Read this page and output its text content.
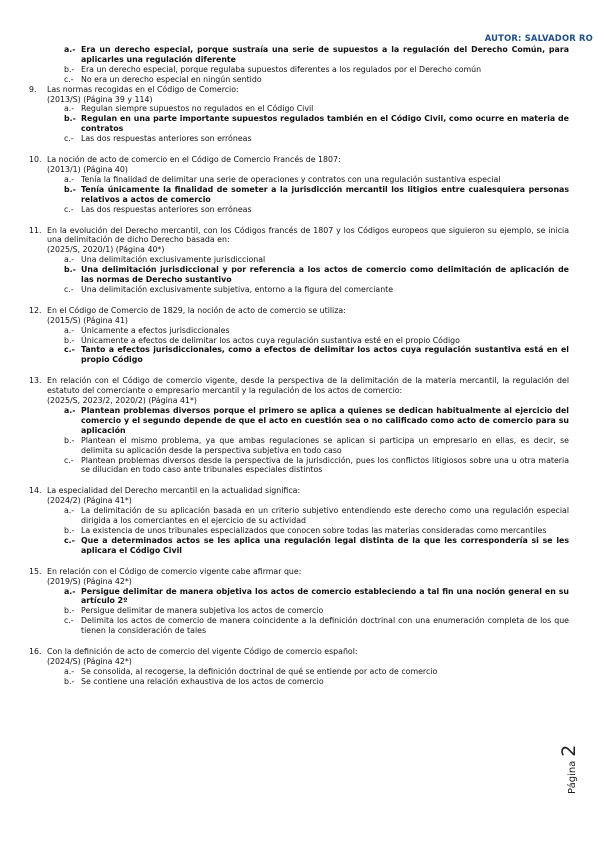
AUTOR: SALVADOR RO
a.- Era un derecho especial, porque sustraía una serie de supuestos a la regulación del Derecho Común, para aplicarles una regulación diferente
b.- Era un derecho especial, porque regulaba supuestos diferentes a los regulados por el Derecho común
c.- No era un derecho especial en ningún sentido
9.	Las normas recogidas en el Código de Comercio:
(2013/S) (Página 39 y 114)
a.- Regulan siempre supuestos no regulados en el Código Civil
b.- Regulan en una parte importante supuestos regulados también en el Código Civil, como ocurre en materia de contratos
c.- Las dos respuestas anteriores son erróneas
10. La noción de acto de comercio en el Código de Comercio Francés de 1807:
(2013/1) (Página 40)
a.- Tenía la finalidad de delimitar una serie de operaciones y contratos con una regulación sustantiva especial
b.- Tenía únicamente la finalidad de someter a la jurisdicción mercantil los litigios entre cualesquiera personas relativos a actos de comercio
c.- Las dos respuestas anteriores son erróneas
11. En la evolución del Derecho mercantil, con los Códigos francés de 1807 y los Códigos europeos que siguieron su ejemplo, se inicia una delimitación de dicho Derecho basada en:
(2025/S, 2020/1) (Página 40*)
a.- Una delimitación exclusivamente jurisdiccional
b.- Una delimitación jurisdiccional y por referencia a los actos de comercio como delimitación de aplicación de las normas de Derecho sustantivo
c.- Una delimitación exclusivamente subjetiva, entorno a la figura del comerciante
12. En el Código de Comercio de 1829, la noción de acto de comercio se utiliza:
(2015/S) (Página 41)
a.- Únicamente a efectos jurisdiccionales
b.- Únicamente a efectos de delimitar los actos cuya regulación sustantiva esté en el propio Código
c.- Tanto a efectos jurisdiccionales, como a efectos de delimitar los actos cuya regulación sustantiva está en el propio Código
13. En relación con el Código de comercio vigente, desde la perspectiva de la delimitación de la materia mercantil, la regulación del estatuto del comerciante o empresario mercantil y la regulación de los actos de comercio:
(2025/S, 2023/2, 2020/2) (Página 41*)
a.- Plantean problemas diversos porque el primero se aplica a quienes se dedican habitualmente al ejercicio del comercio y el segundo depende de que el acto en cuestión sea o no calificado como acto de comercio para su aplicación
b.- Plantean el mismo problema, ya que ambas regulaciones se aplican si participa un empresario en ellas, es decir, se delimita su aplicación desde la perspectiva subjetiva en todo caso
c.- Plantean problemas diversos desde la perspectiva de la jurisdicción, pues los conflictos litigiosos sobre una u otra materia se dilucidan en todo caso ante tribunales especiales distintos
14. La especialidad del Derecho mercantil en la actualidad significa:
(2024/2) (Página 41*)
a.- La delimitación de su aplicación basada en un criterio subjetivo entendiendo este derecho como una regulación especial dirigida a los comerciantes en el ejercicio de su actividad
b.- La existencia de unos tribunales especializados que conocen sobre todas las materias consideradas como mercantiles
c.- Que a determinados actos se les aplica una regulación legal distinta de la que les correspondería si se les aplicara el Código Civil
15. En relación con el Código de comercio vigente cabe afirmar que:
(2019/S) (Página 42*)
a.- Persigue delimitar de manera objetiva los actos de comercio estableciendo a tal fin una noción general en su artículo 2º
b.- Persigue delimitar de manera subjetiva los actos de comercio
c.- Delimita los actos de comercio de manera coincidente a la definición doctrinal con una enumeración completa de los que tienen la consideración de tales
16. Con la definición de acto de comercio del vigente Código de comercio español:
(2024/S) (Página 42*)
a.- Se consolida, al recogerse, la definición doctrinal de qué se entiende por acto de comercio
b.- Se contiene una relación exhaustiva de los actos de comercio
Página
2
